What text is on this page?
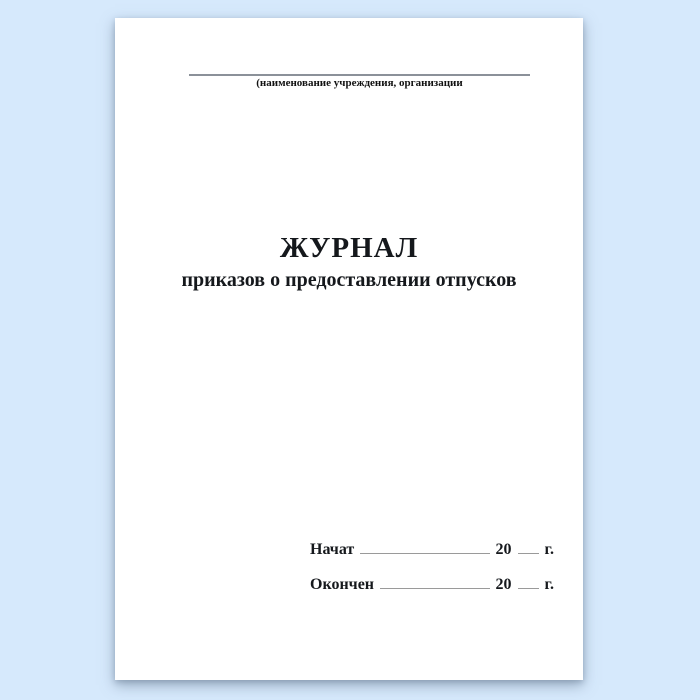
(наименование учреждения, организации
ЖУРНАЛ
приказов о предоставлении отпусков
Начат	20 г.
Окончен	20 г.
